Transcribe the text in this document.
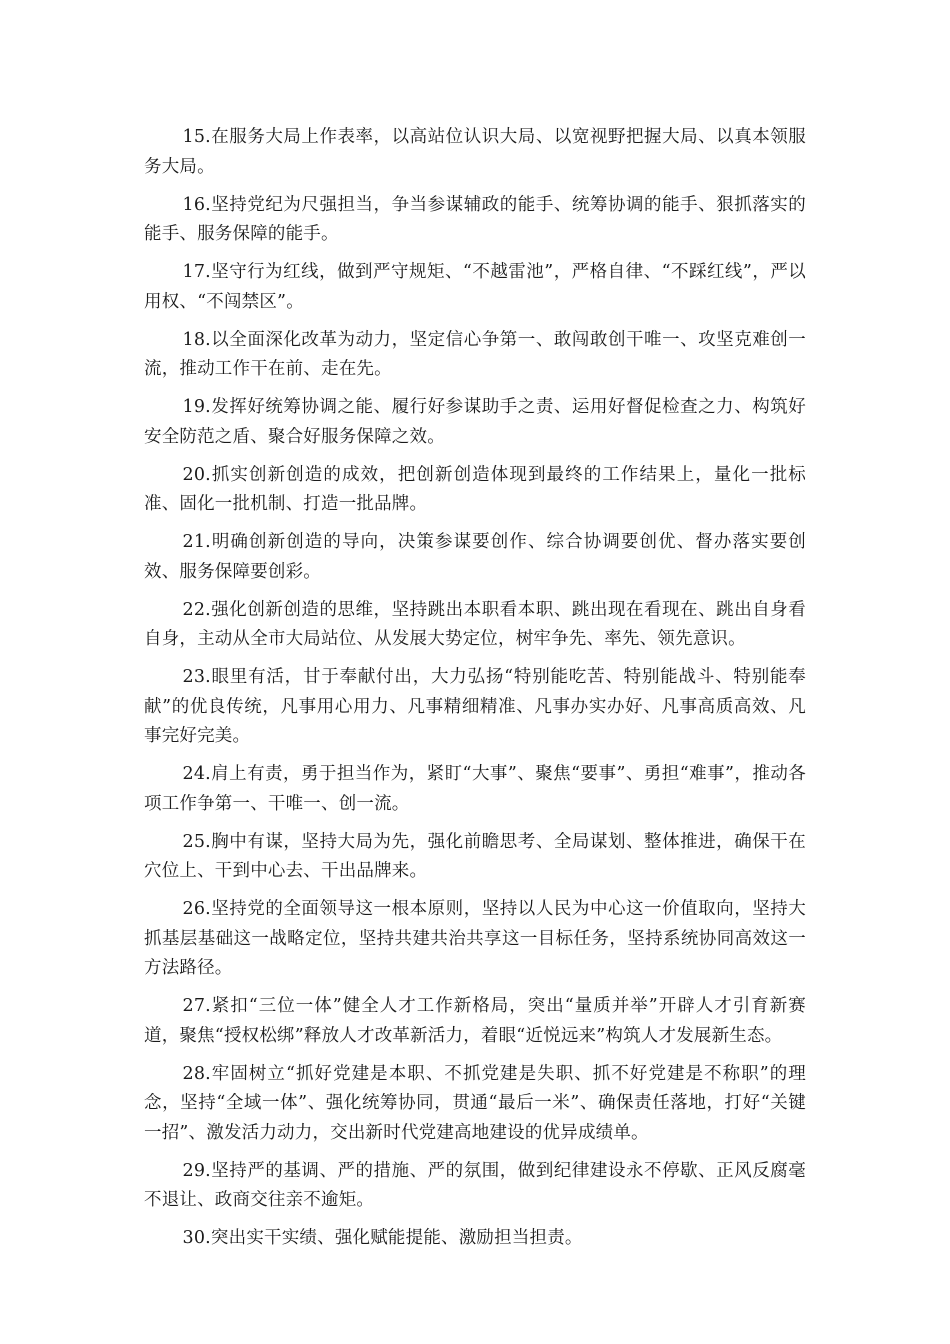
15.在服务大局上作表率，以高站位认识大局、以宽视野把握大局、以真本领服务大局。

16.坚持党纪为尺强担当，争当参谋辅政的能手、统筹协调的能手、狠抓落实的能手、服务保障的能手。

17.坚守行为红线，做到严守规矩、“不越雷池”，严格自律、“不踩红线”，严以用权、“不闯禁区”。

18.以全面深化改革为动力，坚定信心争第一、敢闯敢创干唯一、攻坚克难创一流，推动工作干在前、走在先。

19.发挥好统筹协调之能、履行好参谋助手之责、运用好督促检查之力、构筑好安全防范之盾、聚合好服务保障之效。

20.抓实创新创造的成效，把创新创造体现到最终的工作结果上，量化一批标准、固化一批机制、打造一批品牌。

21.明确创新创造的导向，决策参谋要创作、综合协调要创优、督办落实要创效、服务保障要创彩。

22.强化创新创造的思维，坚持跳出本职看本职、跳出现在看现在、跳出自身看自身，主动从全市大局站位、从发展大势定位，树牢争先、率先、领先意识。

23.眼里有活，甘于奉献付出，大力弘扬“特别能吃苦、特别能战斗、特别能奉献”的优良传统，凡事用心用力、凡事精细精准、凡事办实办好、凡事高质高效、凡事完好完美。

24.肩上有责，勇于担当作为，紧盯“大事”、聚焦“要事”、勇担“难事”，推动各项工作争第一、干唯一、创一流。

25.胸中有谋，坚持大局为先，强化前瞻思考、全局谋划、整体推进，确保干在穴位上、干到中心去、干出品牌来。

26.坚持党的全面领导这一根本原则，坚持以人民为中心这一价值取向，坚持大抓基层基础这一战略定位，坚持共建共治共享这一目标任务，坚持系统协同高效这一方法路径。

27.紧扣“三位一体”健全人才工作新格局，突出“量质并举”开辟人才引育新赛道，聚焦“授权松绑”释放人才改革新活力，着眼“近悦远来”构筑人才发展新生态。

28.牢固树立“抓好党建是本职、不抓党建是失职、抓不好党建是不称职”的理念，坚持“全域一体”、强化统筹协同，贯通“最后一米”、确保责任落地，打好“关键一招”、激发活力动力，交出新时代党建高地建设的优异成绩单。

29.坚持严的基调、严的措施、严的氛围，做到纪律建设永不停歇、正风反腐毫不退让、政商交往亲不逾矩。

30.突出实干实绩、强化赋能提能、激励担当担责。
